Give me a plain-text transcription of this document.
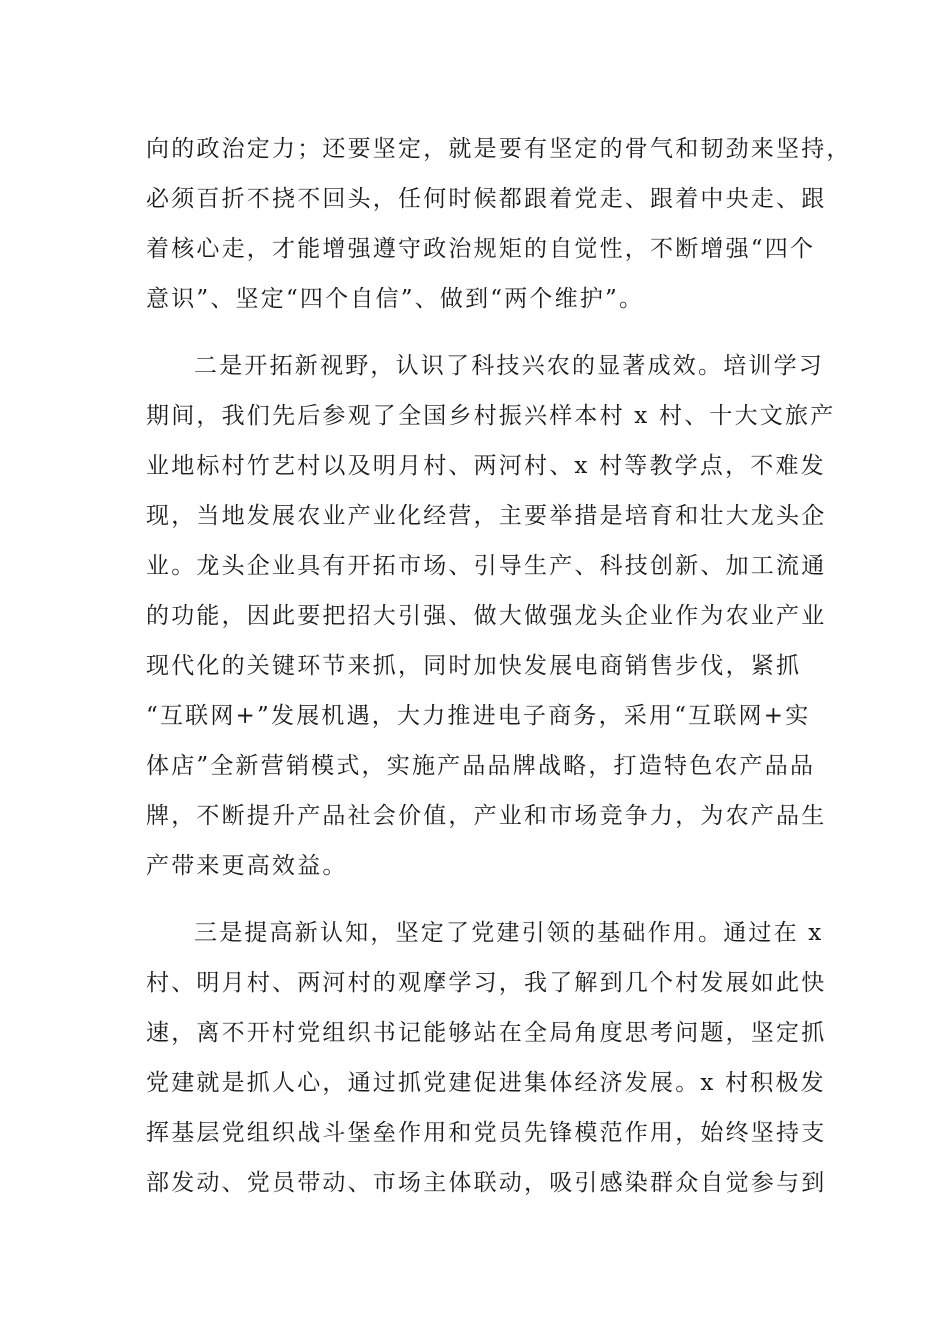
向的政治定力；还要坚定，就是要有坚定的骨气和韧劲来坚持，
必须百折不挠不回头，任何时候都跟着党走、跟着中央走、跟
着核心走，才能增强遵守政治规矩的自觉性，不断增强“四个
意识”、坚定“四个自信”、做到“两个维护”。
二是开拓新视野，认识了科技兴农的显著成效。培训学习
期间，我们先后参观了全国乡村振兴样本村 x 村、十大文旅产
业地标村竹艺村以及明月村、两河村、x 村等教学点，不难发
现，当地发展农业产业化经营，主要举措是培育和壮大龙头企
业。龙头企业具有开拓市场、引导生产、科技创新、加工流通
的功能，因此要把招大引强、做大做强龙头企业作为农业产业
现代化的关键环节来抓，同时加快发展电商销售步伐，紧抓
“互联网+”发展机遇，大力推进电子商务，采用“互联网+实
体店”全新营销模式，实施产品品牌战略，打造特色农产品品
牌，不断提升产品社会价值，产业和市场竞争力，为农产品生
产带来更高效益。
三是提高新认知，坚定了党建引领的基础作用。通过在 x
村、明月村、两河村的观摩学习，我了解到几个村发展如此快
速，离不开村党组织书记能够站在全局角度思考问题，坚定抓
党建就是抓人心，通过抓党建促进集体经济发展。x 村积极发
挥基层党组织战斗堡垒作用和党员先锋模范作用，始终坚持支
部发动、党员带动、市场主体联动，吸引感染群众自觉参与到
